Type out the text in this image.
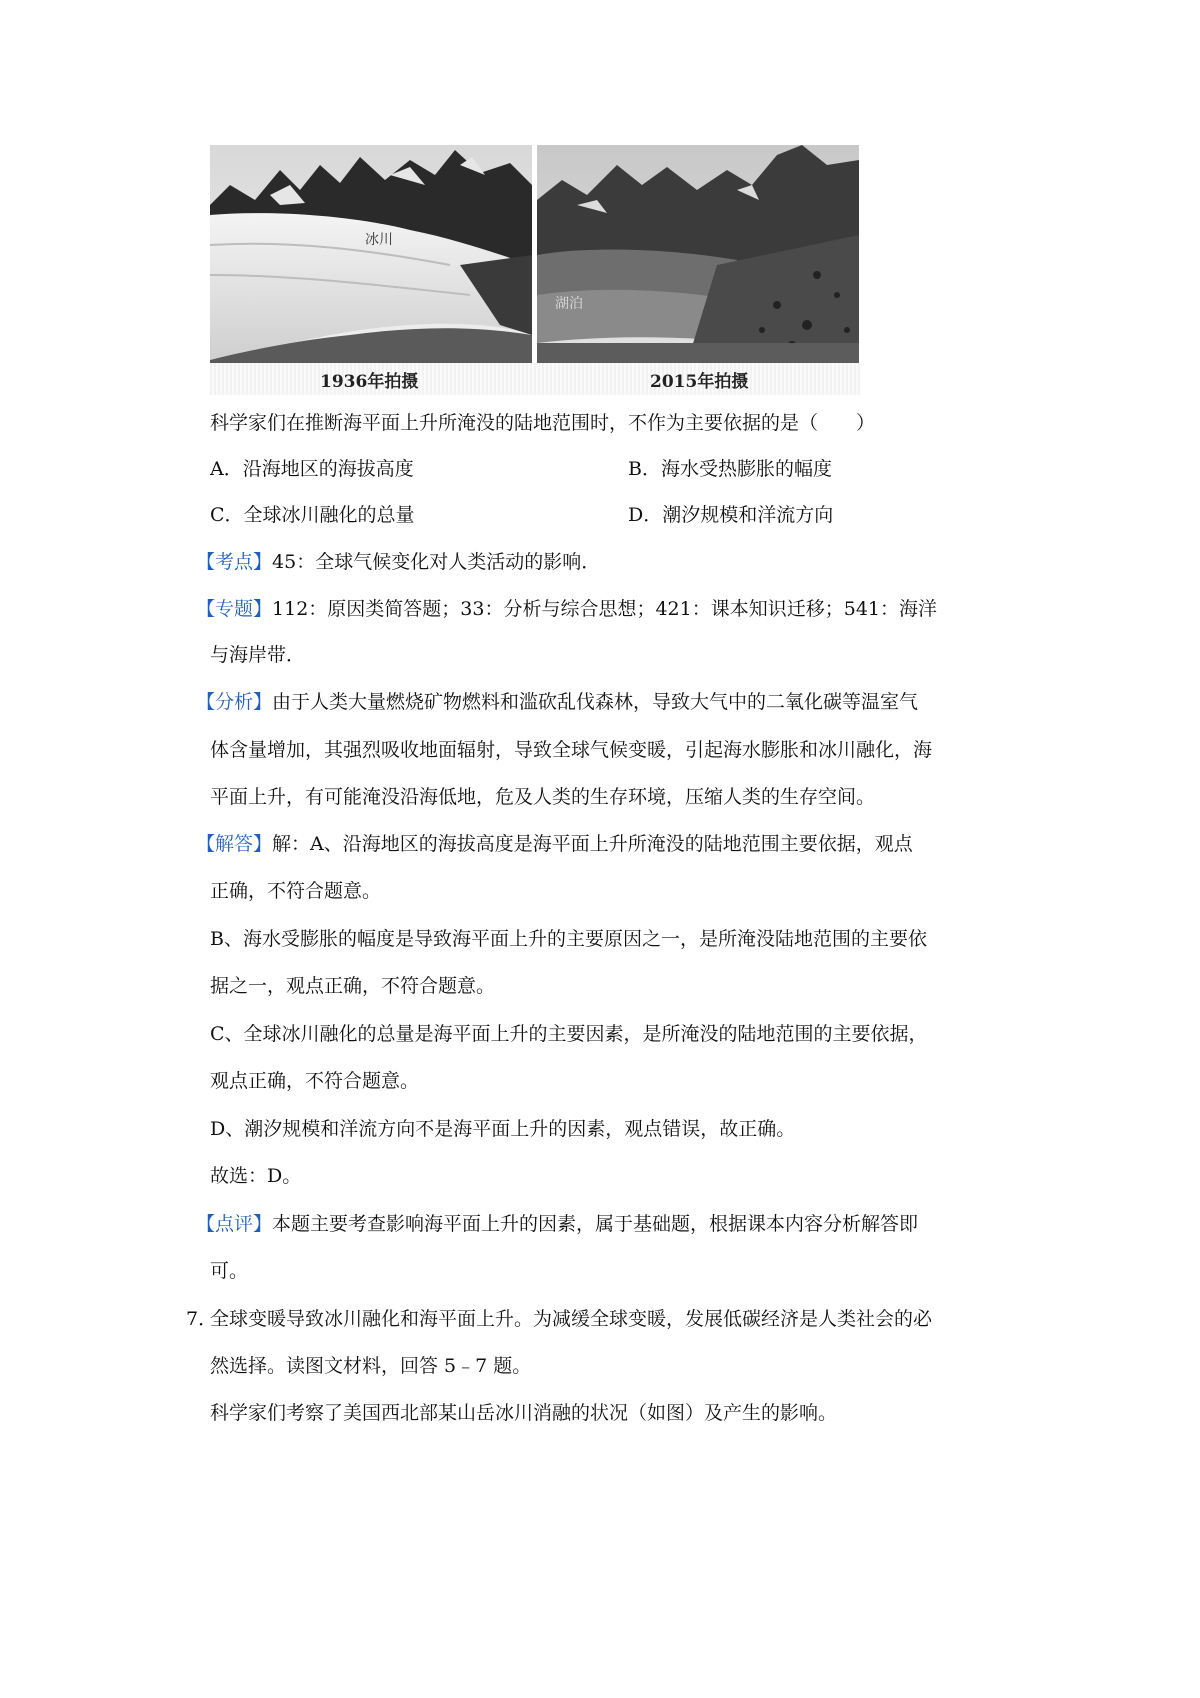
冰川
湖泊
1936年拍摄	2015年拍摄
科学家们在推断海平面上升所淹没的陆地范围时，不作为主要依据的是（　　）
A．沿海地区的海拔高度	B．海水受热膨胀的幅度
C．全球冰川融化的总量	D．潮汐规模和洋流方向
【考点】45：全球气候变化对人类活动的影响．
【专题】112：原因类简答题；33：分析与综合思想；421：课本知识迁移；541：海洋
与海岸带．
【分析】由于人类大量燃烧矿物燃料和滥砍乱伐森林，导致大气中的二氧化碳等温室气
体含量增加，其强烈吸收地面辐射，导致全球气候变暖，引起海水膨胀和冰川融化，海
平面上升，有可能淹没沿海低地，危及人类的生存环境，压缩人类的生存空间。
【解答】解：A、沿海地区的海拔高度是海平面上升所淹没的陆地范围主要依据，观点
正确，不符合题意。
B、海水受膨胀的幅度是导致海平面上升的主要原因之一，是所淹没陆地范围的主要依
据之一，观点正确，不符合题意。
C、全球冰川融化的总量是海平面上升的主要因素，是所淹没的陆地范围的主要依据，
观点正确，不符合题意。
D、潮汐规模和洋流方向不是海平面上升的因素，观点错误，故正确。
故选：D。
【点评】本题主要考查影响海平面上升的因素，属于基础题，根据课本内容分析解答即
可。
7．
全球变暖导致冰川融化和海平面上升。为减缓全球变暖，发展低碳经济是人类社会的必
然选择。读图文材料，回答 5﹣7 题。
科学家们考察了美国西北部某山岳冰川消融的状况（如图）及产生的影响。
